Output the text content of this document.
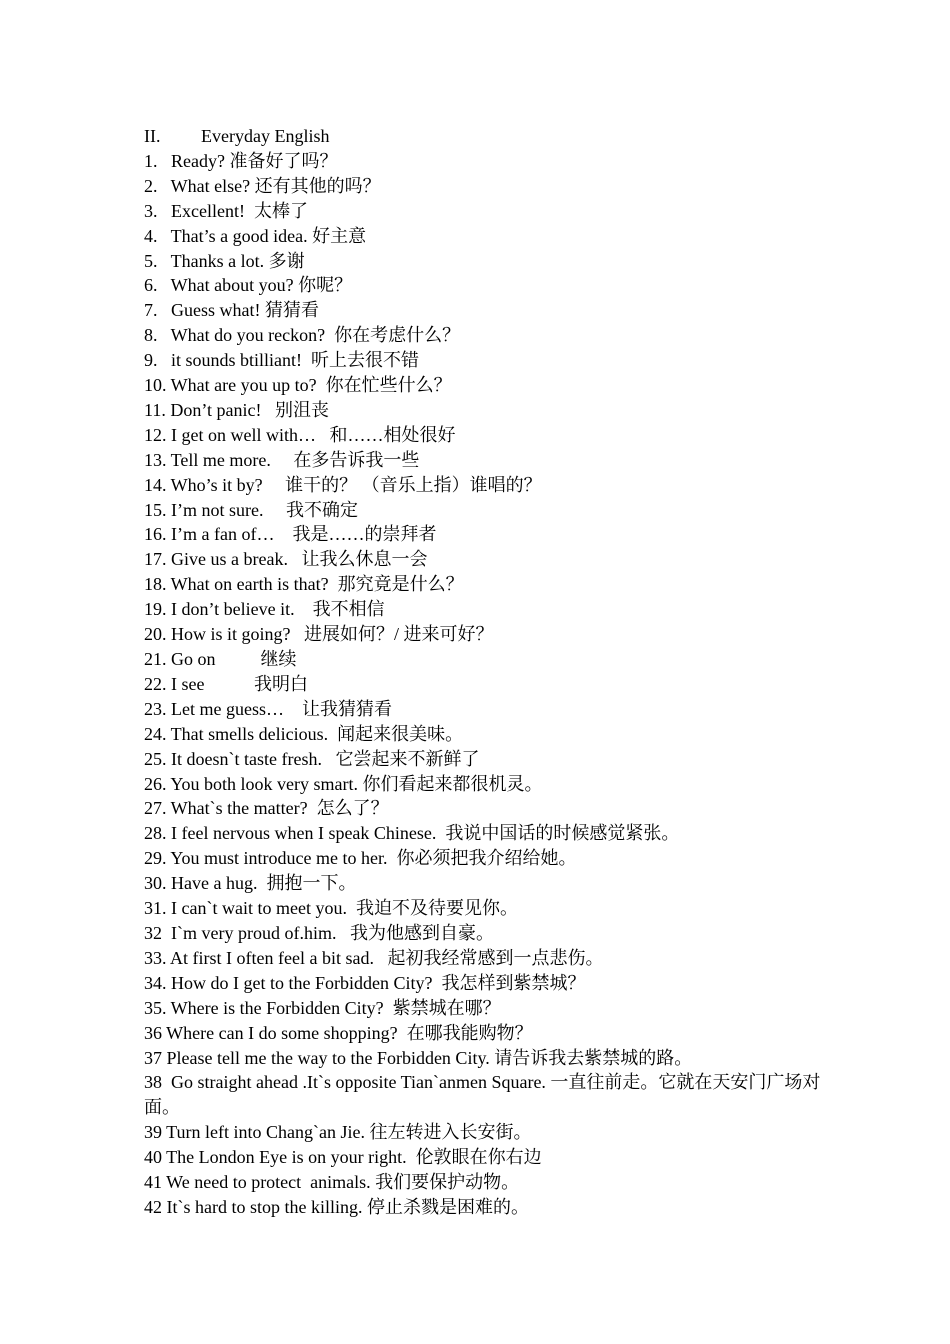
II. Everyday English
1.   Ready? 准备好了吗？
2.   What else? 还有其他的吗？
3.   Excellent!  太棒了
4.   That’s a good idea. 好主意
5.   Thanks a lot. 多谢
6.   What about you? 你呢？
7.   Guess what! 猜猜看
8.   What do you reckon?  你在考虑什么？
9.   it sounds btilliant!  听上去很不错
10. What are you up to?  你在忙些什么？
11. Don’t panic!   别沮丧
12. I get on well with…   和……相处很好
13. Tell me more.     在多告诉我一些
14. Who’s it by?     谁干的？ （音乐上指）谁唱的？
15. I’m not sure.     我不确定
16. I’m a fan of…    我是……的崇拜者
17. Give us a break.   让我么休息一会
18. What on earth is that?  那究竟是什么？
19. I don’t believe it.    我不相信
20. How is it going?   进展如何？/ 进来可好？
21. Go on          继续
22. I see           我明白
23. Let me guess…    让我猜猜看
24. That smells delicious.  闻起来很美味。
25. It doesn`t taste fresh.   它尝起来不新鲜了
26. You both look very smart. 你们看起来都很机灵。
27. What`s the matter?  怎么了？
28. I feel nervous when I speak Chinese.  我说中国话的时候感觉紧张。
29. You must introduce me to her.  你必须把我介绍给她。
30. Have a hug.  拥抱一下。
31. I can`t wait to meet you.  我迫不及待要见你。
32  I`m very proud of.him.   我为他感到自豪。
33. At first I often feel a bit sad.   起初我经常感到一点悲伤。
34. How do I get to the Forbidden City?  我怎样到紫禁城？
35. Where is the Forbidden City?  紫禁城在哪？
36 Where can I do some shopping?  在哪我能购物？
37 Please tell me the way to the Forbidden City. 请告诉我去紫禁城的路。
38  Go straight ahead .It`s opposite Tian`anmen Square. 一直往前走。它就在天安门广场对面。
39 Turn left into Chang`an Jie. 往左转进入长安街。
40 The London Eye is on your right.  伦敦眼在你右边
41 We need to protect  animals. 我们要保护动物。
42 It`s hard to stop the killing. 停止杀戮是困难的。
